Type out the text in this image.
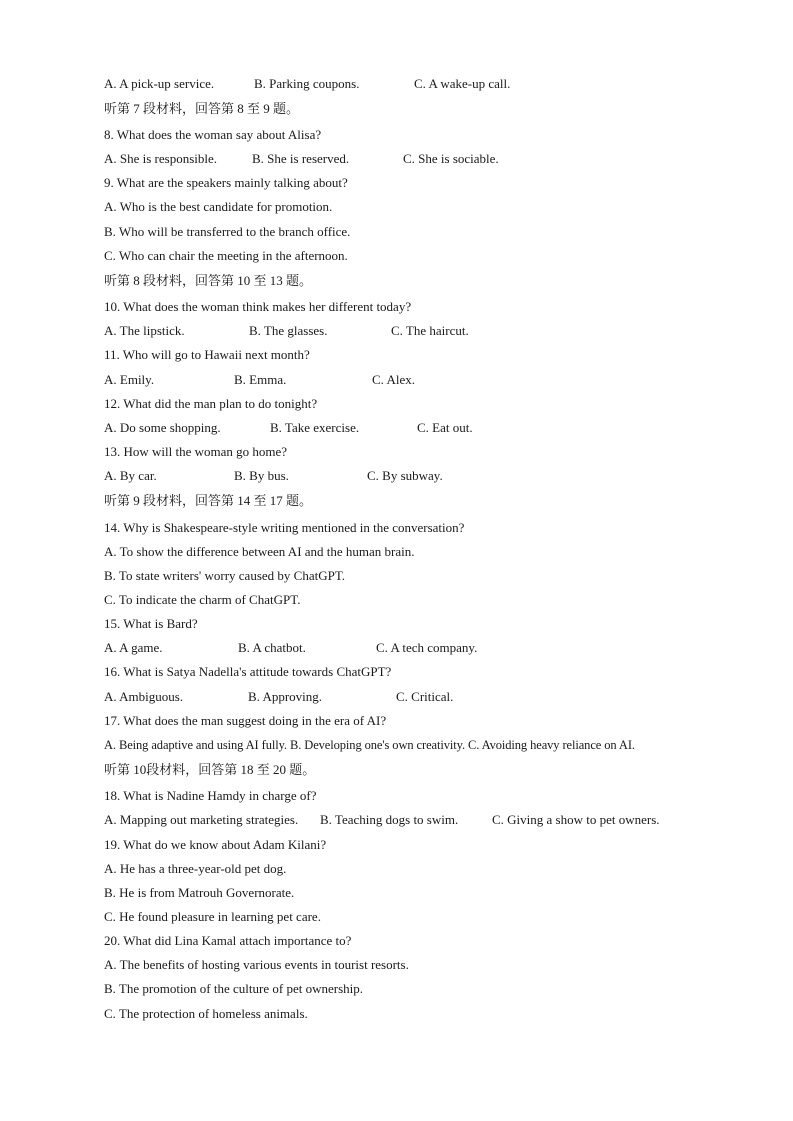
A. A pick-up service.	B. Parking coupons.	C. A wake-up call.
听第 7 段材料，回答第 8 至 9 题。
8. What does the woman say about Alisa?
A. She is responsible.	B. She is reserved.	C. She is sociable.
9. What are the speakers mainly talking about?
A. Who is the best candidate for promotion.
B. Who will be transferred to the branch office.
C. Who can chair the meeting in the afternoon.
听第 8 段材料，回答第 10 至 13 题。
10. What does the woman think makes her different today?
A. The lipstick.	B. The glasses.	C. The haircut.
11. Who will go to Hawaii next month?
A. Emily.	B. Emma.	C. Alex.
12. What did the man plan to do tonight?
A. Do some shopping.	B. Take exercise.	C. Eat out.
13. How will the woman go home?
A. By car.	B. By bus.	C. By subway.
听第 9 段材料，回答第 14 至 17 题。
14. Why is Shakespeare-style writing mentioned in the conversation?
A. To show the difference between AI and the human brain.
B. To state writers' worry caused by ChatGPT.
C. To indicate the charm of ChatGPT.
15. What is Bard?
A. A game.	B. A chatbot.	C. A tech company.
16. What is Satya Nadella's attitude towards ChatGPT?
A. Ambiguous.	B. Approving.	C. Critical.
17. What does the man suggest doing in the era of AI?
A. Being adaptive and using AI fully. B. Developing one's own creativity. C. Avoiding heavy reliance on AI.
听第 10段材料，回答第 18 至 20 题。
18. What is Nadine Hamdy in charge of?
A. Mapping out marketing strategies. B. Teaching dogs to swim.	C. Giving a show to pet owners.
19. What do we know about Adam Kilani?
A. He has a three-year-old pet dog.
B. He is from Matrouh Governorate.
C. He found pleasure in learning pet care.
20. What did Lina Kamal attach importance to?
A. The benefits of hosting various events in tourist resorts.
B. The promotion of the culture of pet ownership.
C. The protection of homeless animals.
